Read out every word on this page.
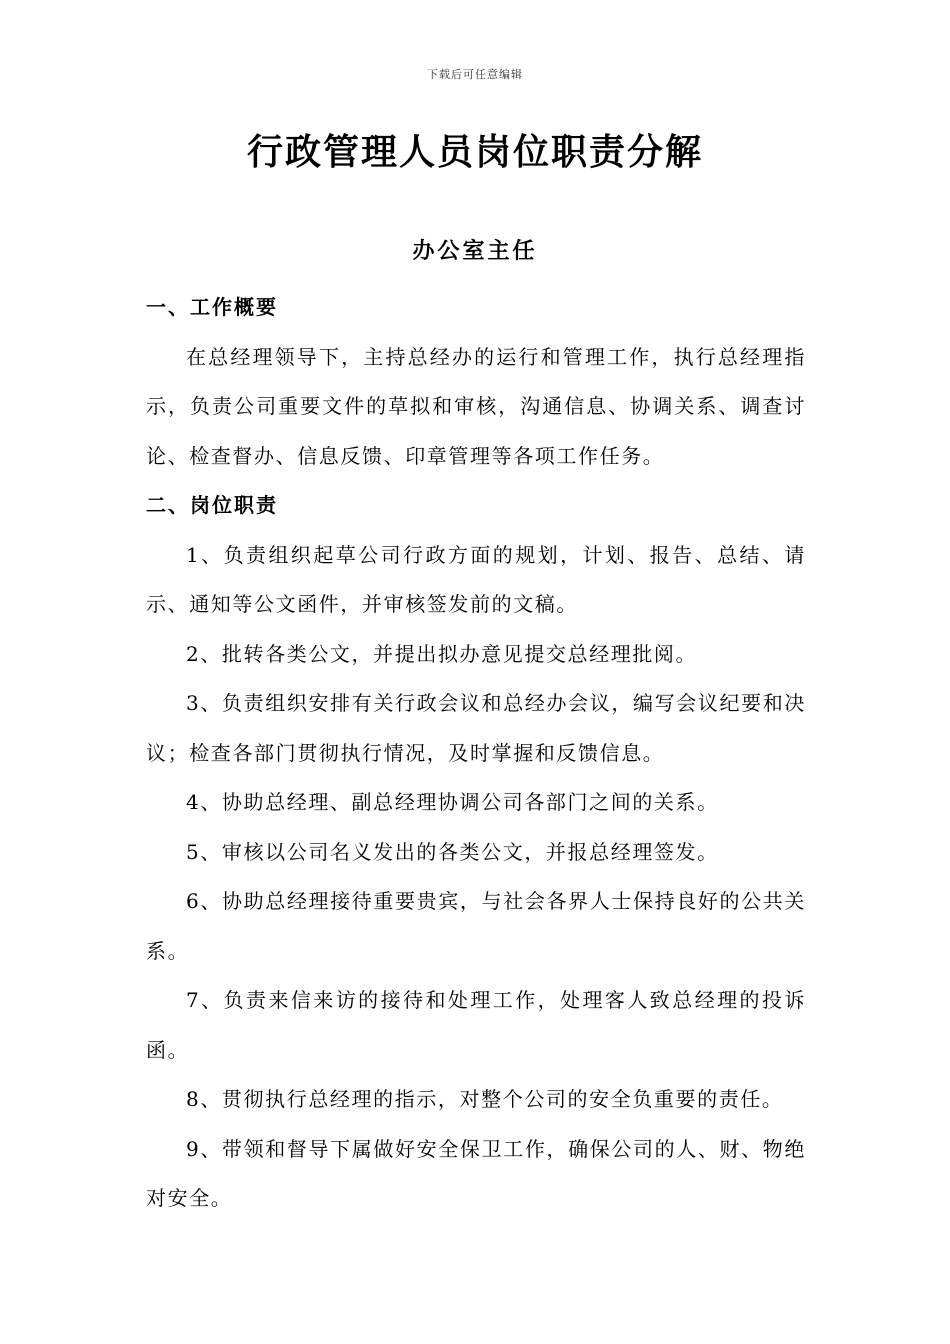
下载后可任意编辑
行政管理人员岗位职责分解
办公室主任

一、工作概要

在总经理领导下，主持总经办的运行和管理工作，执行总经理指示，负责公司重要文件的草拟和审核，沟通信息、协调关系、调查讨论、检查督办、信息反馈、印章管理等各项工作任务。

二、岗位职责

1、负责组织起草公司行政方面的规划，计划、报告、总结、请示、通知等公文函件，并审核签发前的文稿。

2、批转各类公文，并提出拟办意见提交总经理批阅。

3、负责组织安排有关行政会议和总经办会议，编写会议纪要和决议；检查各部门贯彻执行情况，及时掌握和反馈信息。

4、协助总经理、副总经理协调公司各部门之间的关系。

5、审核以公司名义发出的各类公文，并报总经理签发。

6、协助总经理接待重要贵宾，与社会各界人士保持良好的公共关系。

7、负责来信来访的接待和处理工作，处理客人致总经理的投诉函。

8、贯彻执行总经理的指示，对整个公司的安全负重要的责任。

9、带领和督导下属做好安全保卫工作，确保公司的人、财、物绝对安全。
